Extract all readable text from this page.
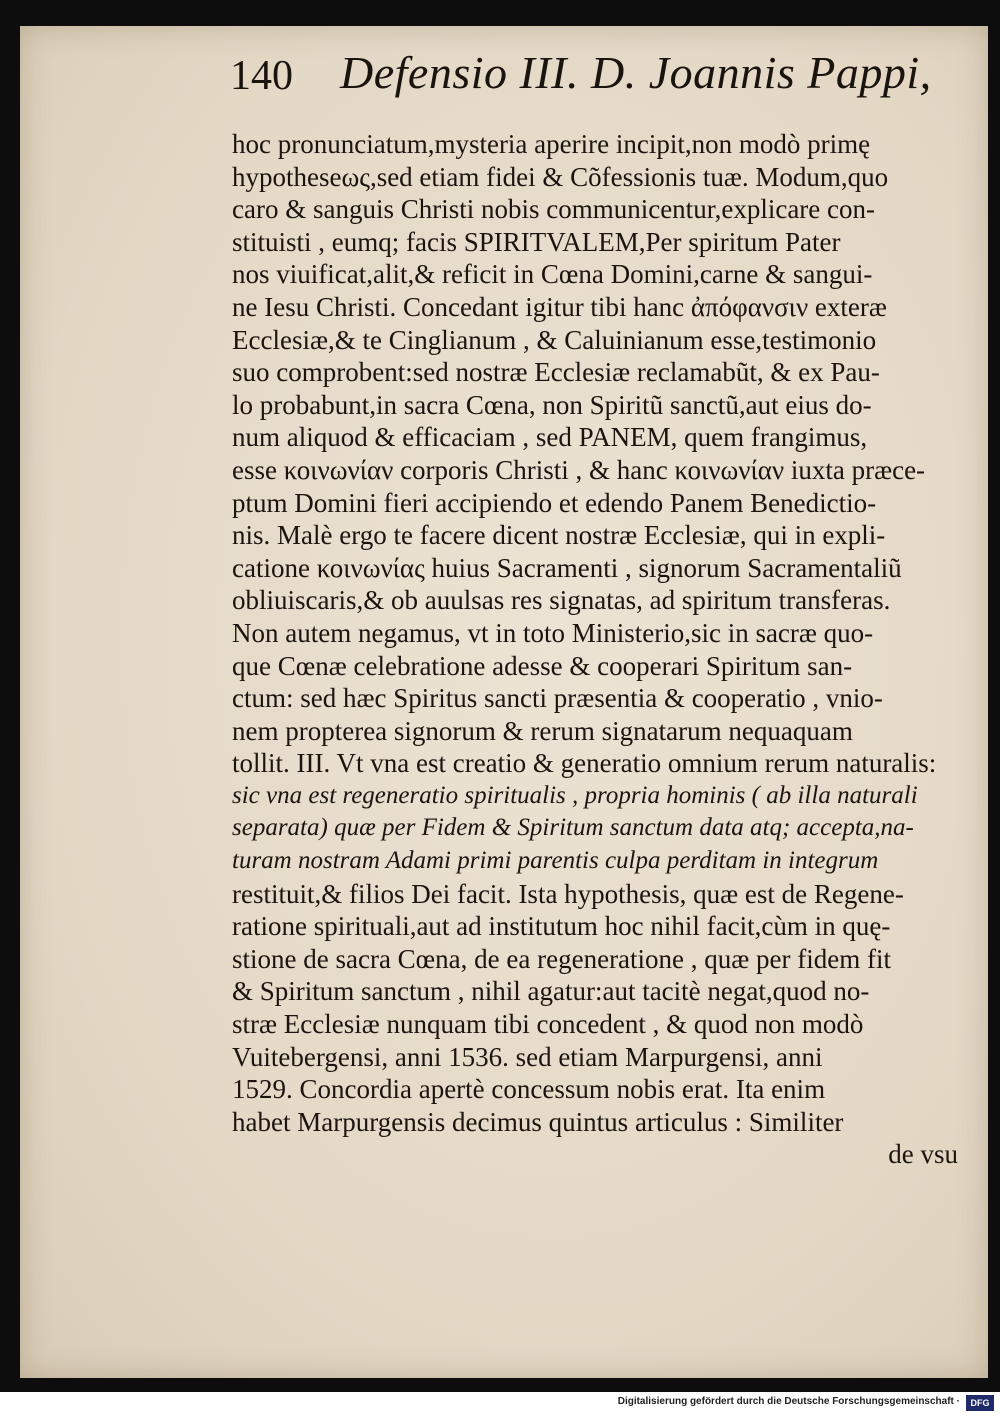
140 Defensio III. D. Joannis Pappi,
hoc pronunciatum,mysteria aperire incipit,non modò primę
hypotheseως,sed etiam fidei & Cõfessionis tuæ. Modum,quo
caro & sanguis Christi nobis communicentur,explicare con-
stituisti , eumq; facis SPIRITVALEM,Per spiritum Pater
nos viuificat,alit,& reficit in Cœna Domini,carne & sangui-
ne Iesu Christi. Concedant igitur tibi hanc ἀπόφανσιν exteræ
Ecclesiæ,& te Cinglianum , & Caluinianum esse,testimonio
suo comprobent:sed nostræ Ecclesiæ reclamabũt, & ex Pau-
lo probabunt,in sacra Cœna, non Spiritũ sanctũ,aut eius do-
num aliquod & efficaciam , sed PANEM, quem frangimus,
esse κοινωνίαν corporis Christi , & hanc κοινωνίαν iuxta præce-
ptum Domini fieri accipiendo et edendo Panem Benedictio-
nis. Malè ergo te facere dicent nostræ Ecclesiæ, qui in expli-
catione κοινωνίας huius Sacramenti , signorum Sacramentaliũ
obliuiscaris,& ob auulsas res signatas, ad spiritum transferas.
Non autem negamus, vt in toto Ministerio,sic in sacræ quo-
que Cœnæ celebratione adesse & cooperari Spiritum san-
ctum: sed hæc Spiritus sancti præsentia & cooperatio , vnio-
nem propterea signorum & rerum signatarum nequaquam
tollit. III. Vt vna est creatio & generatio omnium rerum naturalis:
sic vna est regeneratio spiritualis , propria hominis ( ab illa naturali
separata) quæ per Fidem & Spiritum sanctum data atq; accepta,na-
turam nostram Adami primi parentis culpa perditam in integrum
restituit,& filios Dei facit. Ista hypothesis, quæ est de Regene-
ratione spirituali,aut ad institutum hoc nihil facit,cùm in quę-
stione de sacra Cœna, de ea regeneratione , quæ per fidem fit
& Spiritum sanctum , nihil agatur:aut tacitè negat,quod no-
stræ Ecclesiæ nunquam tibi concedent , & quod non modò
Vuitebergensi, anni 1536. sed etiam Marpurgensi, anni
1529. Concordia apertè concessum nobis erat. Ita enim
habet Marpurgensis decimus quintus articulus : Similiter
de vsu
Digitalisierung gefördert durch die Deutsche Forschungsgemeinschaft ·	DFG
